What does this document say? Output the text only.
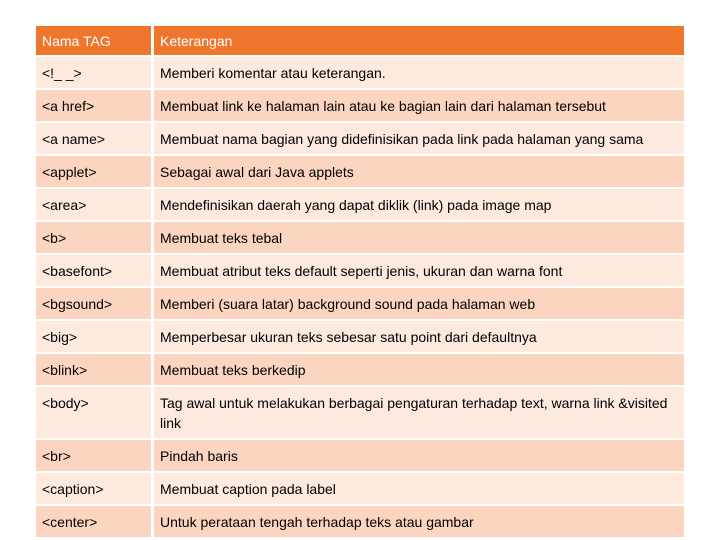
Nama TAG	Keterangan
<!_ _>	Memberi komentar atau keterangan.
<a href>	Membuat link ke halaman lain atau ke bagian lain dari halaman tersebut
<a name>	Membuat nama bagian yang didefinisikan pada link pada halaman yang sama
<applet>	Sebagai awal dari Java applets
<area>	Mendefinisikan daerah yang dapat diklik (link) pada image map
<b>	Membuat teks tebal
<basefont>	Membuat atribut teks default seperti jenis, ukuran dan warna font
<bgsound>	Memberi (suara latar) background sound pada halaman web
<big>	Memperbesar ukuran teks sebesar satu point dari defaultnya
<blink>	Membuat teks berkedip
<body>	Tag awal untuk melakukan berbagai pengaturan terhadap text, warna link &visited link
<br>	Pindah baris
<caption>	Membuat caption pada label
<center>	Untuk perataan tengah terhadap teks atau gambar
